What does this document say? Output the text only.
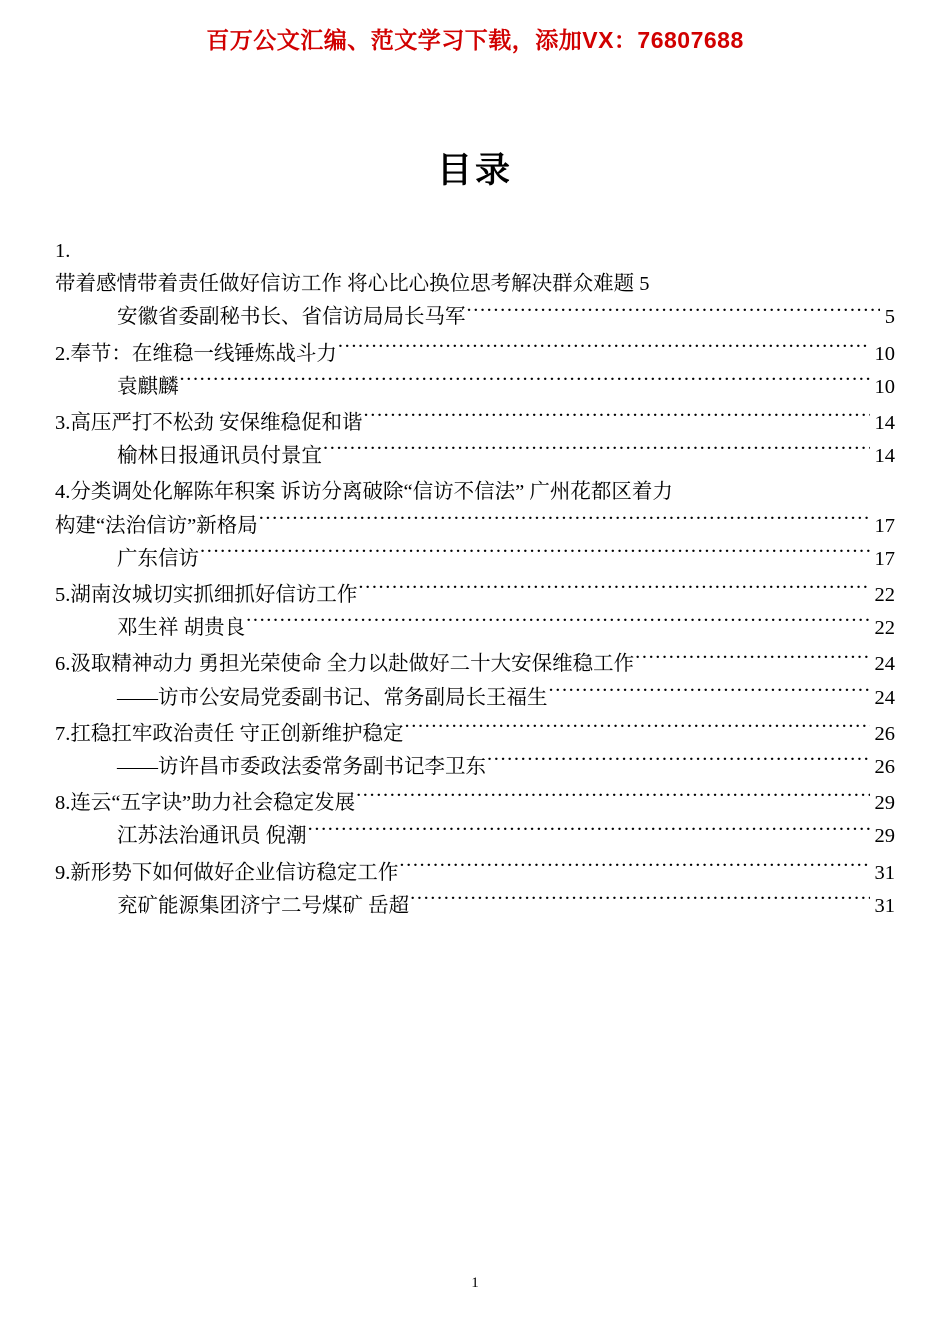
百万公文汇编、范文学习下载，添加VX：76807688
目录
1.
带着感情带着责任做好信访工作 将心比心换位思考解决群众难题 5
安徽省委副秘书长、省信访局局长马军 .....	5
2. 奉节：在维稳一线锤炼战斗力 .....	10
袁麒麟 .....	10
3. 高压严打不松劲 安保维稳促和谐 .....	14
榆林日报通讯员付景宜 .....	14
4.分类调处化解陈年积案 诉访分离破除“信访不信法” 广州花都区着力
构建“法治信访”新格局 .....	17
广东信访 .....	17
5. 湖南汝城切实抓细抓好信访工作 .....	22
邓生祥 胡贵良 .....	22
6. 汲取精神动力 勇担光荣使命 全力以赴做好二十大安保维稳工作 .....	24
——访市公安局党委副书记、常务副局长王福生 .....	24
7. 扛稳扛牢政治责任 守正创新维护稳定 .....	26
——访许昌市委政法委常务副书记李卫东 .....	26
8. 连云“五字诀”助力社会稳定发展 .....	29
江苏法治通讯员 倪潮 .....	29
9. 新形势下如何做好企业信访稳定工作 .....	31
兖矿能源集团济宁二号煤矿 岳超 .....	31
1
